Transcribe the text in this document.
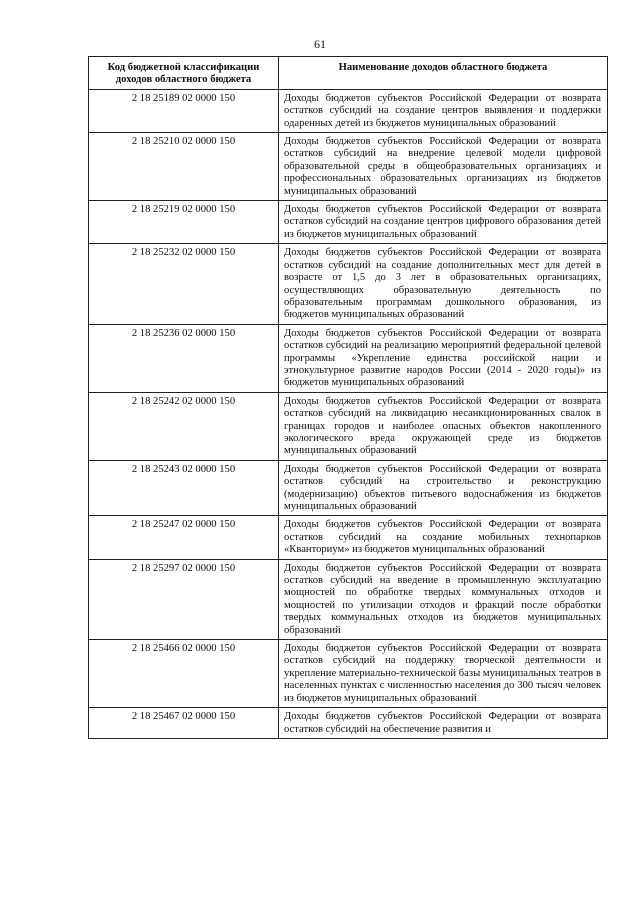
61
Код бюджетной классификации доходов областного бюджета	Наименование доходов областного бюджета
2 18 25189 02 0000 150	Доходы бюджетов субъектов Российской Федерации от возврата остатков субсидий на создание центров выявления и поддержки одаренных детей из бюджетов муниципальных образований
2 18 25210 02 0000 150	Доходы бюджетов субъектов Российской Федерации от возврата остатков субсидий на внедрение целевой модели цифровой образовательной среды в общеобразовательных организациях и профессиональных образовательных организациях из бюджетов муниципальных образований
2 18 25219 02 0000 150	Доходы бюджетов субъектов Российской Федерации от возврата остатков субсидий на создание центров цифрового образования детей из бюджетов муниципальных образований
2 18 25232 02 0000 150	Доходы бюджетов субъектов Российской Федерации от возврата остатков субсидий на создание дополнительных мест для детей в возрасте от 1,5 до 3 лет в образовательных организациях, осуществляющих образовательную деятельность по образовательным программам дошкольного образования, из бюджетов муниципальных образований
2 18 25236 02 0000 150	Доходы бюджетов субъектов Российской Федерации от возврата остатков субсидий на реализацию мероприятий федеральной целевой программы «Укрепление единства российской нации и этнокультурное развитие народов России (2014 - 2020 годы)» из бюджетов муниципальных образований
2 18 25242 02 0000 150	Доходы бюджетов субъектов Российской Федерации от возврата остатков субсидий на ликвидацию несанкционированных свалок в границах городов и наиболее опасных объектов накопленного экологического вреда окружающей среде из бюджетов муниципальных образований
2 18 25243 02 0000 150	Доходы бюджетов субъектов Российской Федерации от возврата остатков субсидий на строительство и реконструкцию (модернизацию) объектов питьевого водоснабжения из бюджетов муниципальных образований
2 18 25247 02 0000 150	Доходы бюджетов субъектов Российской Федерации от возврата остатков субсидий на создание мобильных технопарков «Кванториум» из бюджетов муниципальных образований
2 18 25297 02 0000 150	Доходы бюджетов субъектов Российской Федерации от возврата остатков субсидий на введение в промышленную эксплуатацию мощностей по обработке твердых коммунальных отходов и мощностей по утилизации отходов и фракций после обработки твердых коммунальных отходов из бюджетов муниципальных образований
2 18 25466 02 0000 150	Доходы бюджетов субъектов Российской Федерации от возврата остатков субсидий на поддержку творческой деятельности и укрепление материально-технической базы муниципальных театров в населенных пунктах с численностью населения до 300 тысяч человек из бюджетов муниципальных образований
2 18 25467 02 0000 150	Доходы бюджетов субъектов Российской Федерации от возврата остатков субсидий на обеспечение развития и
